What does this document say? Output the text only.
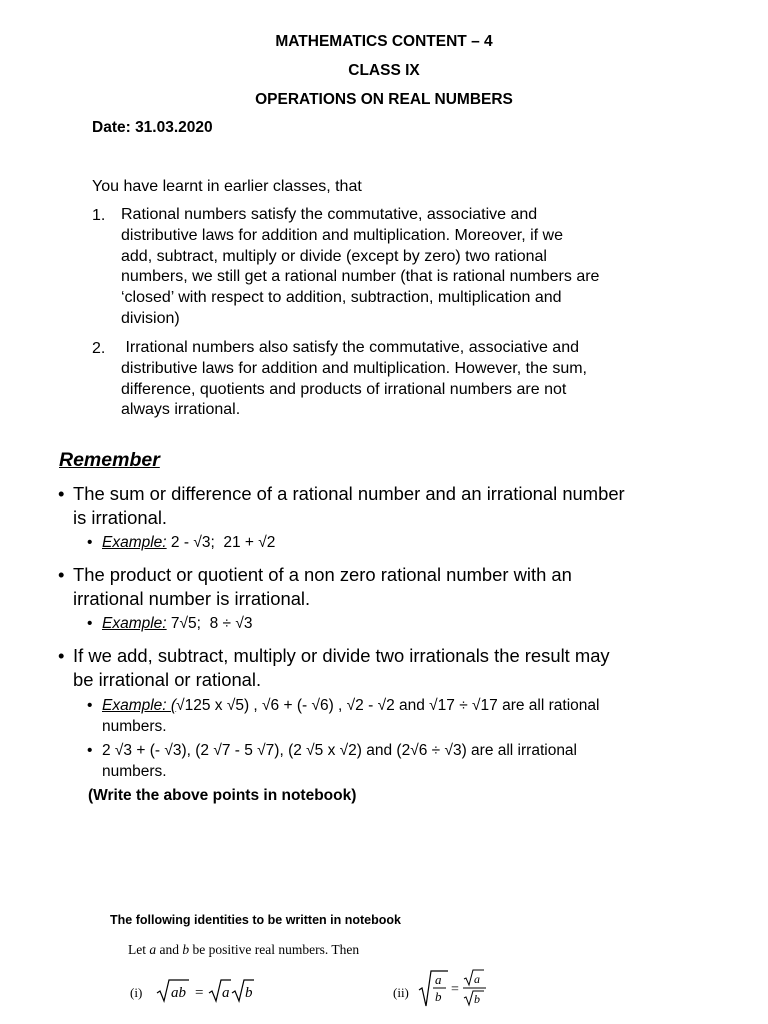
MATHEMATICS CONTENT – 4
CLASS IX
OPERATIONS ON REAL NUMBERS
Date: 31.03.2020
You have learnt in earlier classes, that
1. Rational numbers satisfy the commutative, associative and
distributive laws for addition and multiplication. Moreover, if we
add, subtract, multiply or divide (except by zero) two rational
numbers, we still get a rational number (that is rational numbers are
‘closed’ with respect to addition, subtraction, multiplication and
division)
2. Irrational numbers also satisfy the commutative, associative and
distributive laws for addition and multiplication. However, the sum,
difference, quotients and products of irrational numbers are not
always irrational.
Remember
• The sum or difference of a rational number and an irrational number
is irrational.
• Example: 2 - √3;  21 + √2
• The product or quotient of a non zero rational number with an
irrational number is irrational.
• Example: 7√5;  8 ÷ √3
• If we add, subtract, multiply or divide two irrationals the result may
be irrational or rational.
• Example: (√125 x √5) , √6 + (- √6) , √2 - √2 and √17 ÷ √17 are all rational
numbers.
• 2 √3 + (- √3), (2 √7 - 5 √7), (2 √5 x √2) and (2√6 ÷ √3) are all irrational
numbers.
(Write the above points in notebook)
The following identities to be written in notebook
Let a and b be positive real numbers. Then
(i) ab = a b	(ii)
a
b =
a
b
